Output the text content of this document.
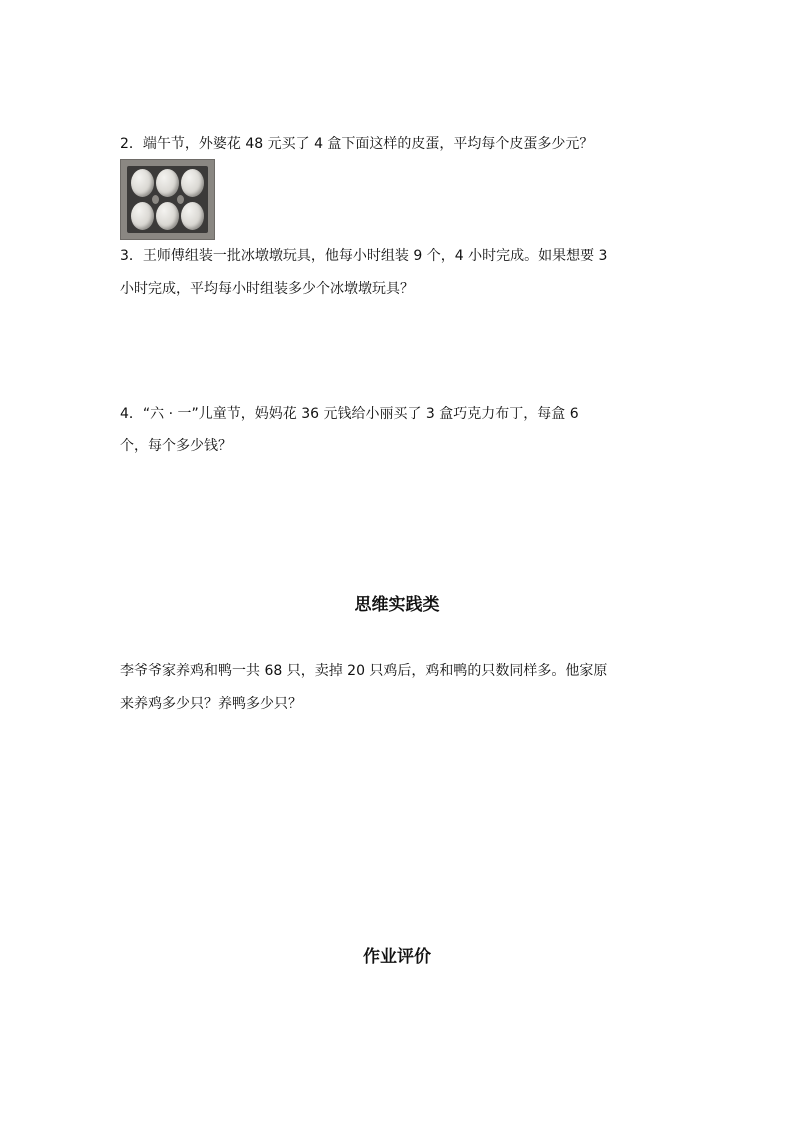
2．端午节，外婆花 48 元买了 4 盒下面这样的皮蛋，平均每个皮蛋多少元？
3．王师傅组装一批冰墩墩玩具，他每小时组装 9 个，4 小时完成。如果想要 3
小时完成，平均每小时组装多少个冰墩墩玩具？
4．“六 · 一”儿童节，妈妈花 36 元钱给小丽买了 3 盒巧克力布丁，每盒 6
个，每个多少钱？
思维实践类
李爷爷家养鸡和鸭一共 68 只，卖掉 20 只鸡后，鸡和鸭的只数同样多。他家原
来养鸡多少只？养鸭多少只？
作业评价
